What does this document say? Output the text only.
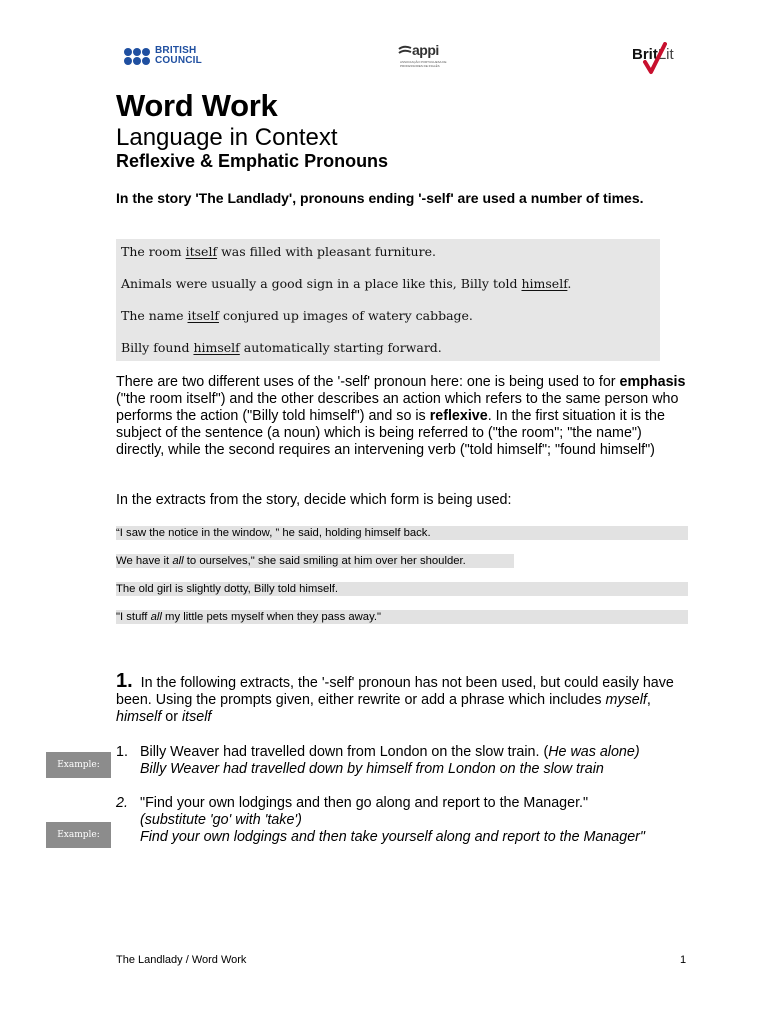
BRITISH
COUNCIL
appi
ASSOCIAÇÃO PORTUGUESA DE PROFESSORES DE INGLÊS
BritLit
Word Work
Language in Context
Reflexive & Emphatic Pronouns
In the story 'The Landlady', pronouns ending '-self' are used a number of times.
The room itself was filled with pleasant furniture.
Animals were usually a good sign in a place like this, Billy told himself.
The name itself conjured up images of watery cabbage.
Billy found himself automatically starting forward.
There are two different uses of the '-self' pronoun here: one is being used to for emphasis ("the room itself") and the other describes an action which refers to the same person who performs the action ("Billy told himself") and so is reflexive. In the first situation it is the subject of the sentence (a noun) which is being referred to ("the room"; "the name") directly, while the second requires an intervening verb ("told himself"; "found himself")
In the extracts from the story, decide which form is being used:
“I saw the notice in the window, ” he said, holding himself back.
We have it all to ourselves," she said smiling at him over her shoulder.
The old girl is slightly dotty, Billy told himself.
"I stuff all my little pets myself when they pass away."
1. In the following extracts, the '-self' pronoun has not been used, but could easily have been. Using the prompts given, either rewrite or add a phrase which includes myself, himself or itself
Example:
Example:
1. Billy Weaver had travelled down from London on the slow train. (He was alone)
Billy Weaver had travelled down by himself from London on the slow train
2. "Find your own lodgings and then go along and report to the Manager."
(substitute 'go' with 'take')
Find your own lodgings and then take yourself along and report to the Manager"
The Landlady / Word Work	1
